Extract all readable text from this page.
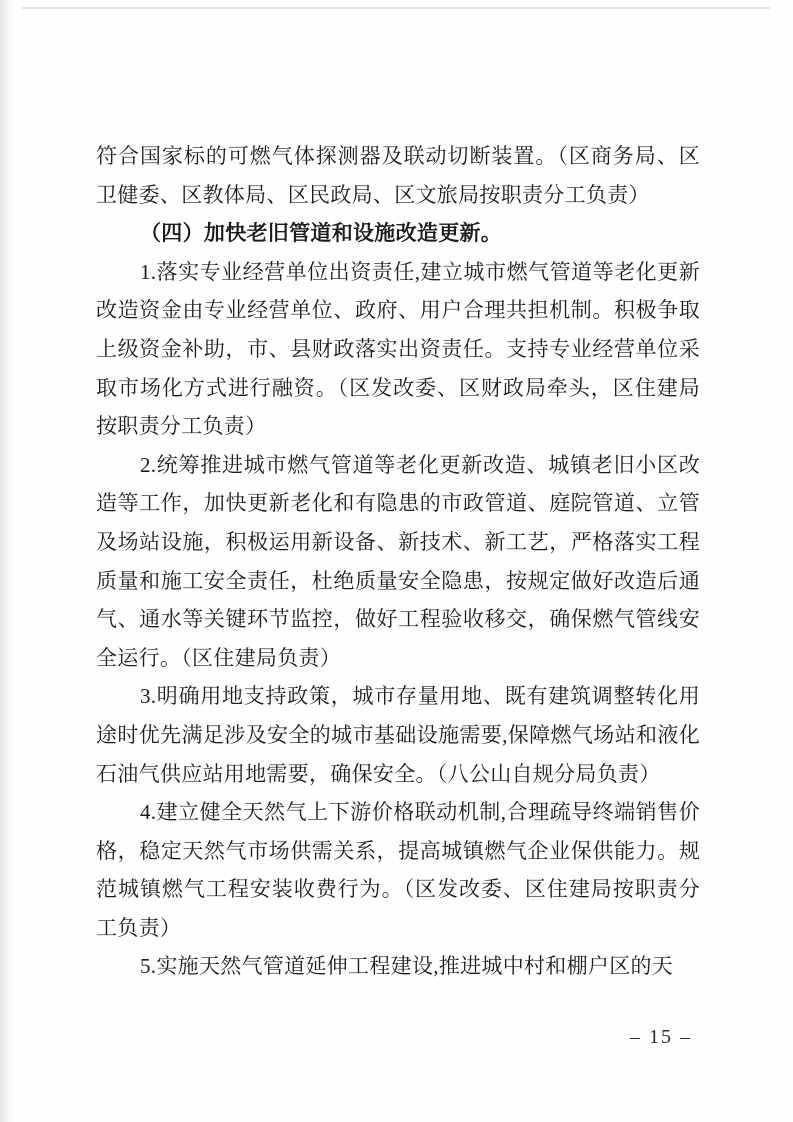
符合国家标的可燃气体探测器及联动切断装置。（区商务局、区卫健委、区教体局、区民政局、区文旅局按职责分工负责）

（四）加快老旧管道和设施改造更新。

1.落实专业经营单位出资责任,建立城市燃气管道等老化更新改造资金由专业经营单位、政府、用户合理共担机制。积极争取上级资金补助，市、县财政落实出资责任。支持专业经营单位采取市场化方式进行融资。（区发改委、区财政局牵头，区住建局按职责分工负责）

2.统筹推进城市燃气管道等老化更新改造、城镇老旧小区改造等工作，加快更新老化和有隐患的市政管道、庭院管道、立管及场站设施，积极运用新设备、新技术、新工艺，严格落实工程质量和施工安全责任，杜绝质量安全隐患，按规定做好改造后通气、通水等关键环节监控，做好工程验收移交，确保燃气管线安全运行。（区住建局负责）

3.明确用地支持政策，城市存量用地、既有建筑调整转化用途时优先满足涉及安全的城市基础设施需要,保障燃气场站和液化石油气供应站用地需要，确保安全。（八公山自规分局负责）

4.建立健全天然气上下游价格联动机制,合理疏导终端销售价格，稳定天然气市场供需关系，提高城镇燃气企业保供能力。规范城镇燃气工程安装收费行为。（区发改委、区住建局按职责分工负责）

5.实施天然气管道延伸工程建设,推进城中村和棚户区的天

– 15 –
